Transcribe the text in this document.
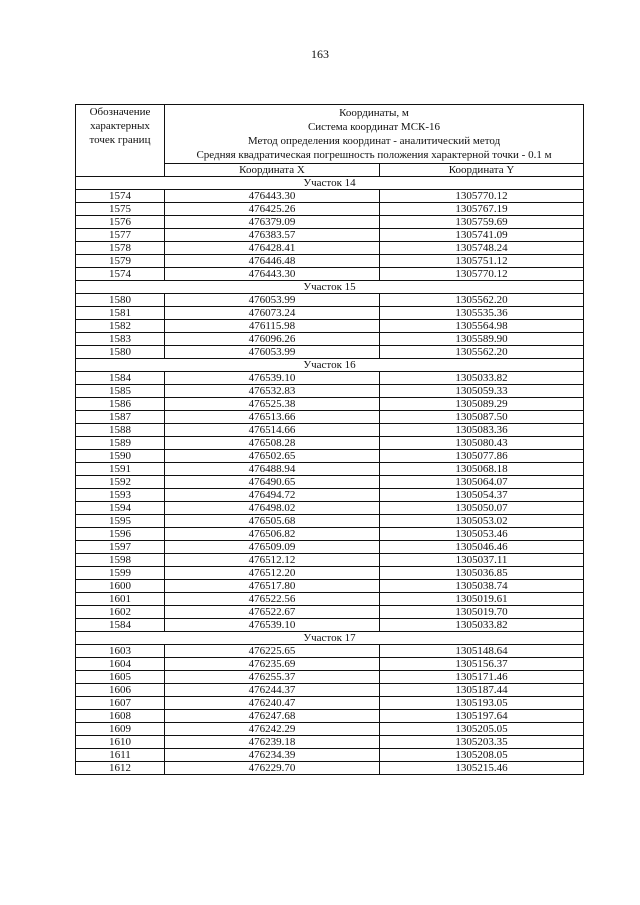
163
Обозначение характерных точек границ	Координаты, м
Система координат МСК-16
Метод определения координат - аналитический метод
Средняя квадратическая погрешность положения характерной точки - 0.1 м	

	Координата X	Координата Y
Участок 14		
1574	476443.30	1305770.12
1575	476425.26	1305767.19
1576	476379.09	1305759.69
1577	476383.57	1305741.09
1578	476428.41	1305748.24
1579	476446.48	1305751.12
1574	476443.30	1305770.12
Участок 15		
1580	476053.99	1305562.20
1581	476073.24	1305535.36
1582	476115.98	1305564.98
1583	476096.26	1305589.90
1580	476053.99	1305562.20
Участок 16		
1584	476539.10	1305033.82
1585	476532.83	1305059.33
1586	476525.38	1305089.29
1587	476513.66	1305087.50
1588	476514.66	1305083.36
1589	476508.28	1305080.43
1590	476502.65	1305077.86
1591	476488.94	1305068.18
1592	476490.65	1305064.07
1593	476494.72	1305054.37
1594	476498.02	1305050.07
1595	476505.68	1305053.02
1596	476506.82	1305053.46
1597	476509.09	1305046.46
1598	476512.12	1305037.11
1599	476512.20	1305036.85
1600	476517.80	1305038.74
1601	476522.56	1305019.61
1602	476522.67	1305019.70
1584	476539.10	1305033.82
Участок 17		
1603	476225.65	1305148.64
1604	476235.69	1305156.37
1605	476255.37	1305171.46
1606	476244.37	1305187.44
1607	476240.47	1305193.05
1608	476247.68	1305197.64
1609	476242.29	1305205.05
1610	476239.18	1305203.35
1611	476234.39	1305208.05
1612	476229.70	1305215.46
